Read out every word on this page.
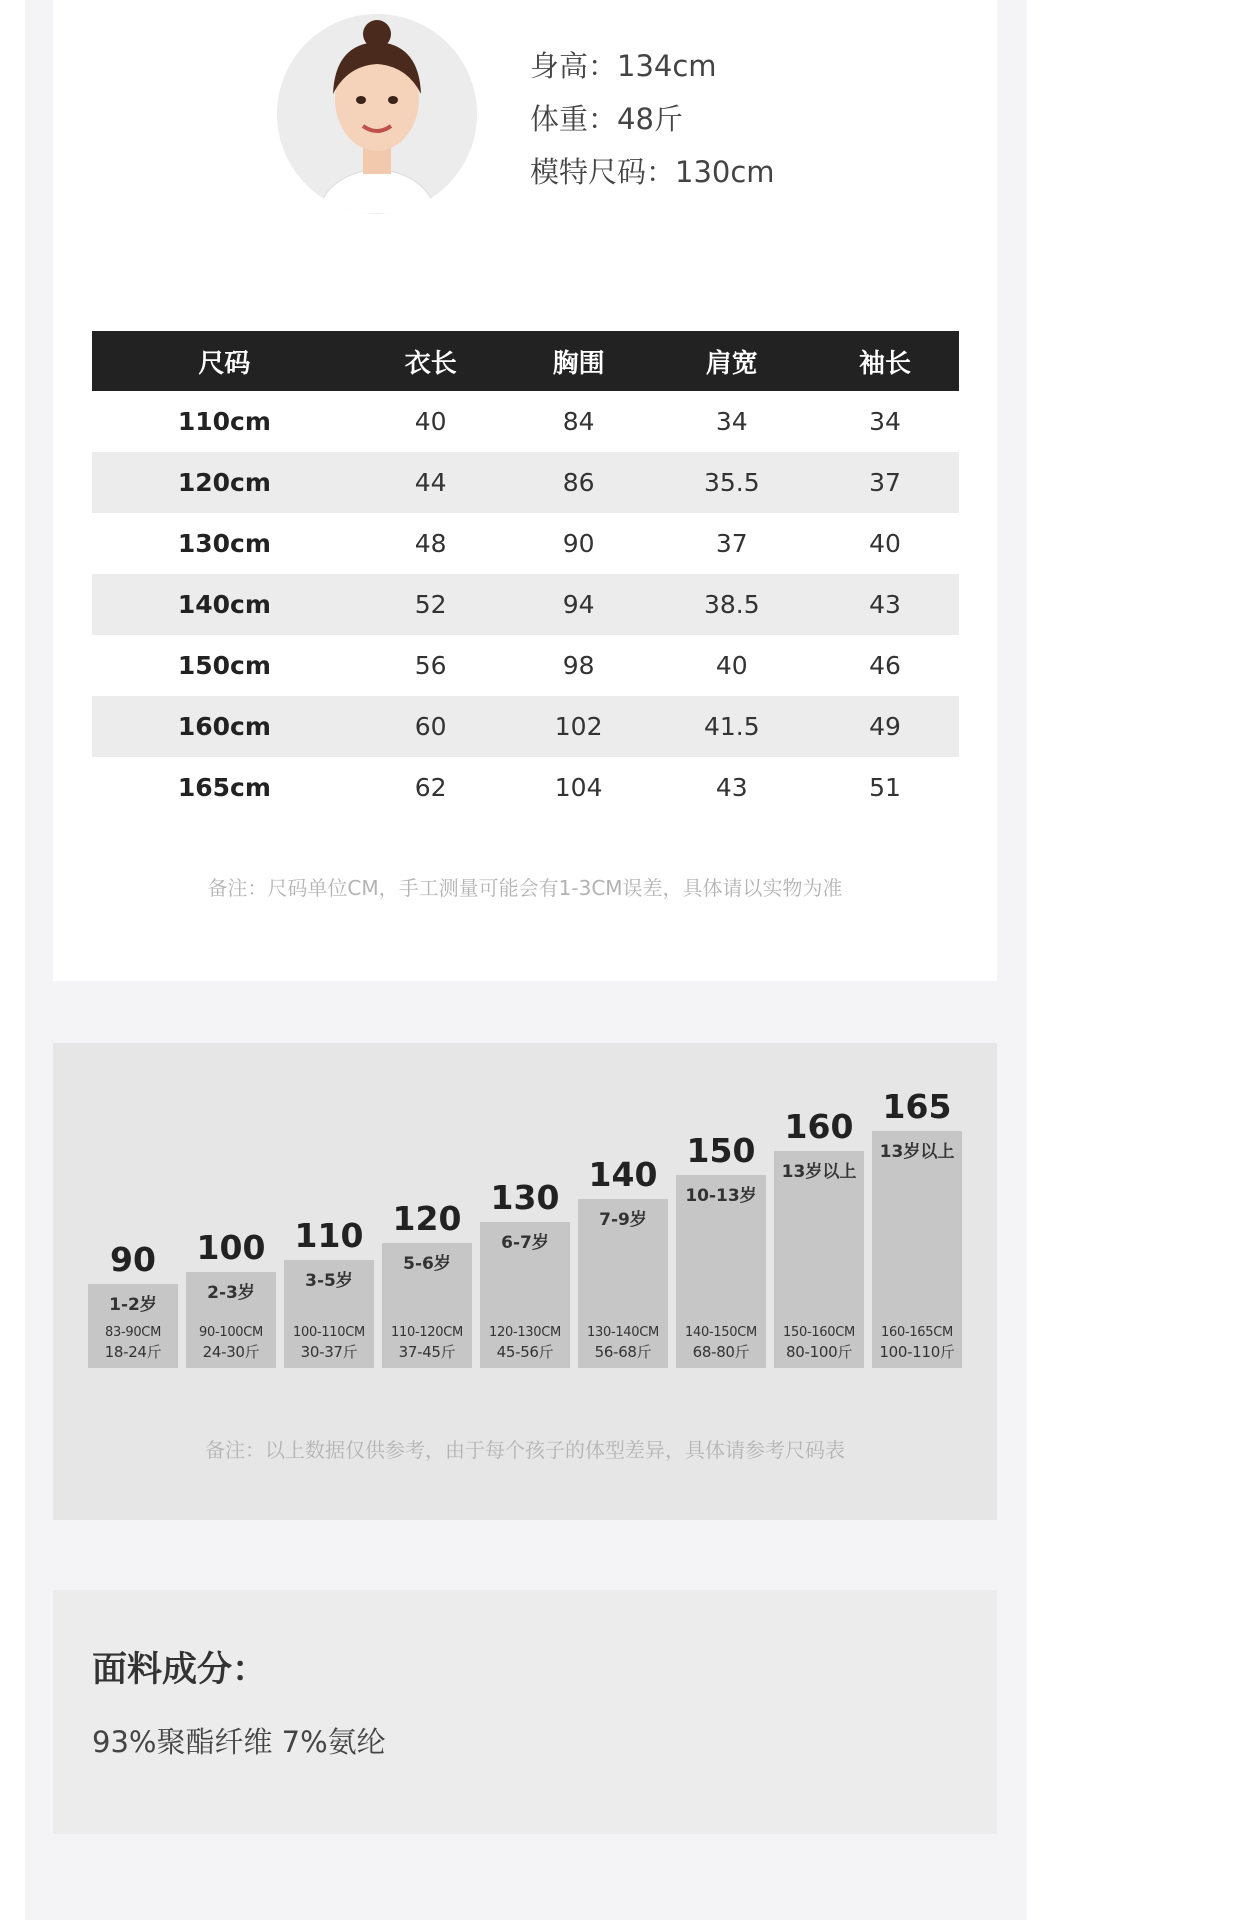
身高：134cm
体重：48斤
模特尺码：130cm
尺码	衣长	胸围	肩宽	袖长
110cm	40	84	34	34
120cm	44	86	35.5	37
130cm	48	90	37	40
140cm	52	94	38.5	43
150cm	56	98	40	46
160cm	60	102	41.5	49
165cm	62	104	43	51
备注：尺码单位CM，手工测量可能会有1-3CM误差，具体请以实物为准
90
1-2岁
83-90CM
18-24斤
100
2-3岁
90-100CM
24-30斤
110
3-5岁
100-110CM
30-37斤
120
5-6岁
110-120CM
37-45斤
130
6-7岁
120-130CM
45-56斤
140
7-9岁
130-140CM
56-68斤
150
10-13岁
140-150CM
68-80斤
160
13岁以上
150-160CM
80-100斤
165
13岁以上
160-165CM
100-110斤
备注：以上数据仅供参考，由于每个孩子的体型差异，具体请参考尺码表
面料成分：
93%聚酯纤维 7%氨纶
